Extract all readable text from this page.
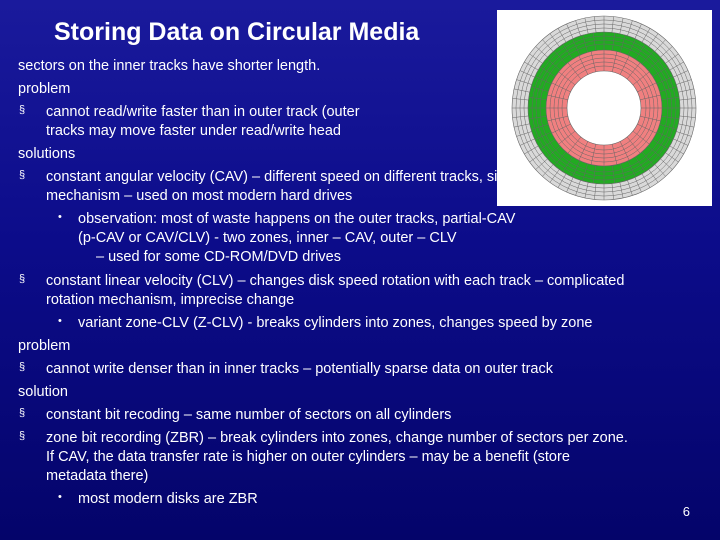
Storing Data on Circular Media
sectors on the inner tracks have shorter length.
problem
§ cannot read/write faster than in outer track (outer
tracks may move faster under read/write head
solutions
§ constant angular velocity (CAV) – different speed on different tracks, simple
mechanism – used on most modern hard drives
• observation: most of waste happens on the outer tracks, partial-CAV
(p-CAV or CAV/CLV) - two zones, inner – CAV, outer – CLV
– used for some CD-ROM/DVD drives
§ constant linear velocity (CLV) – changes disk speed rotation with each track – complicated
rotation mechanism, imprecise change
• variant zone-CLV (Z-CLV) - breaks cylinders into zones, changes speed by zone
problem
§ cannot write denser than in inner tracks – potentially sparse data on outer track
solution
§ constant bit recoding – same number of sectors on all cylinders
§ zone bit recording (ZBR) – break cylinders into zones, change number of sectors per zone.
If CAV, the data transfer rate is higher on outer cylinders – may be a benefit (store
metadata there)
• most modern disks are ZBR
6
